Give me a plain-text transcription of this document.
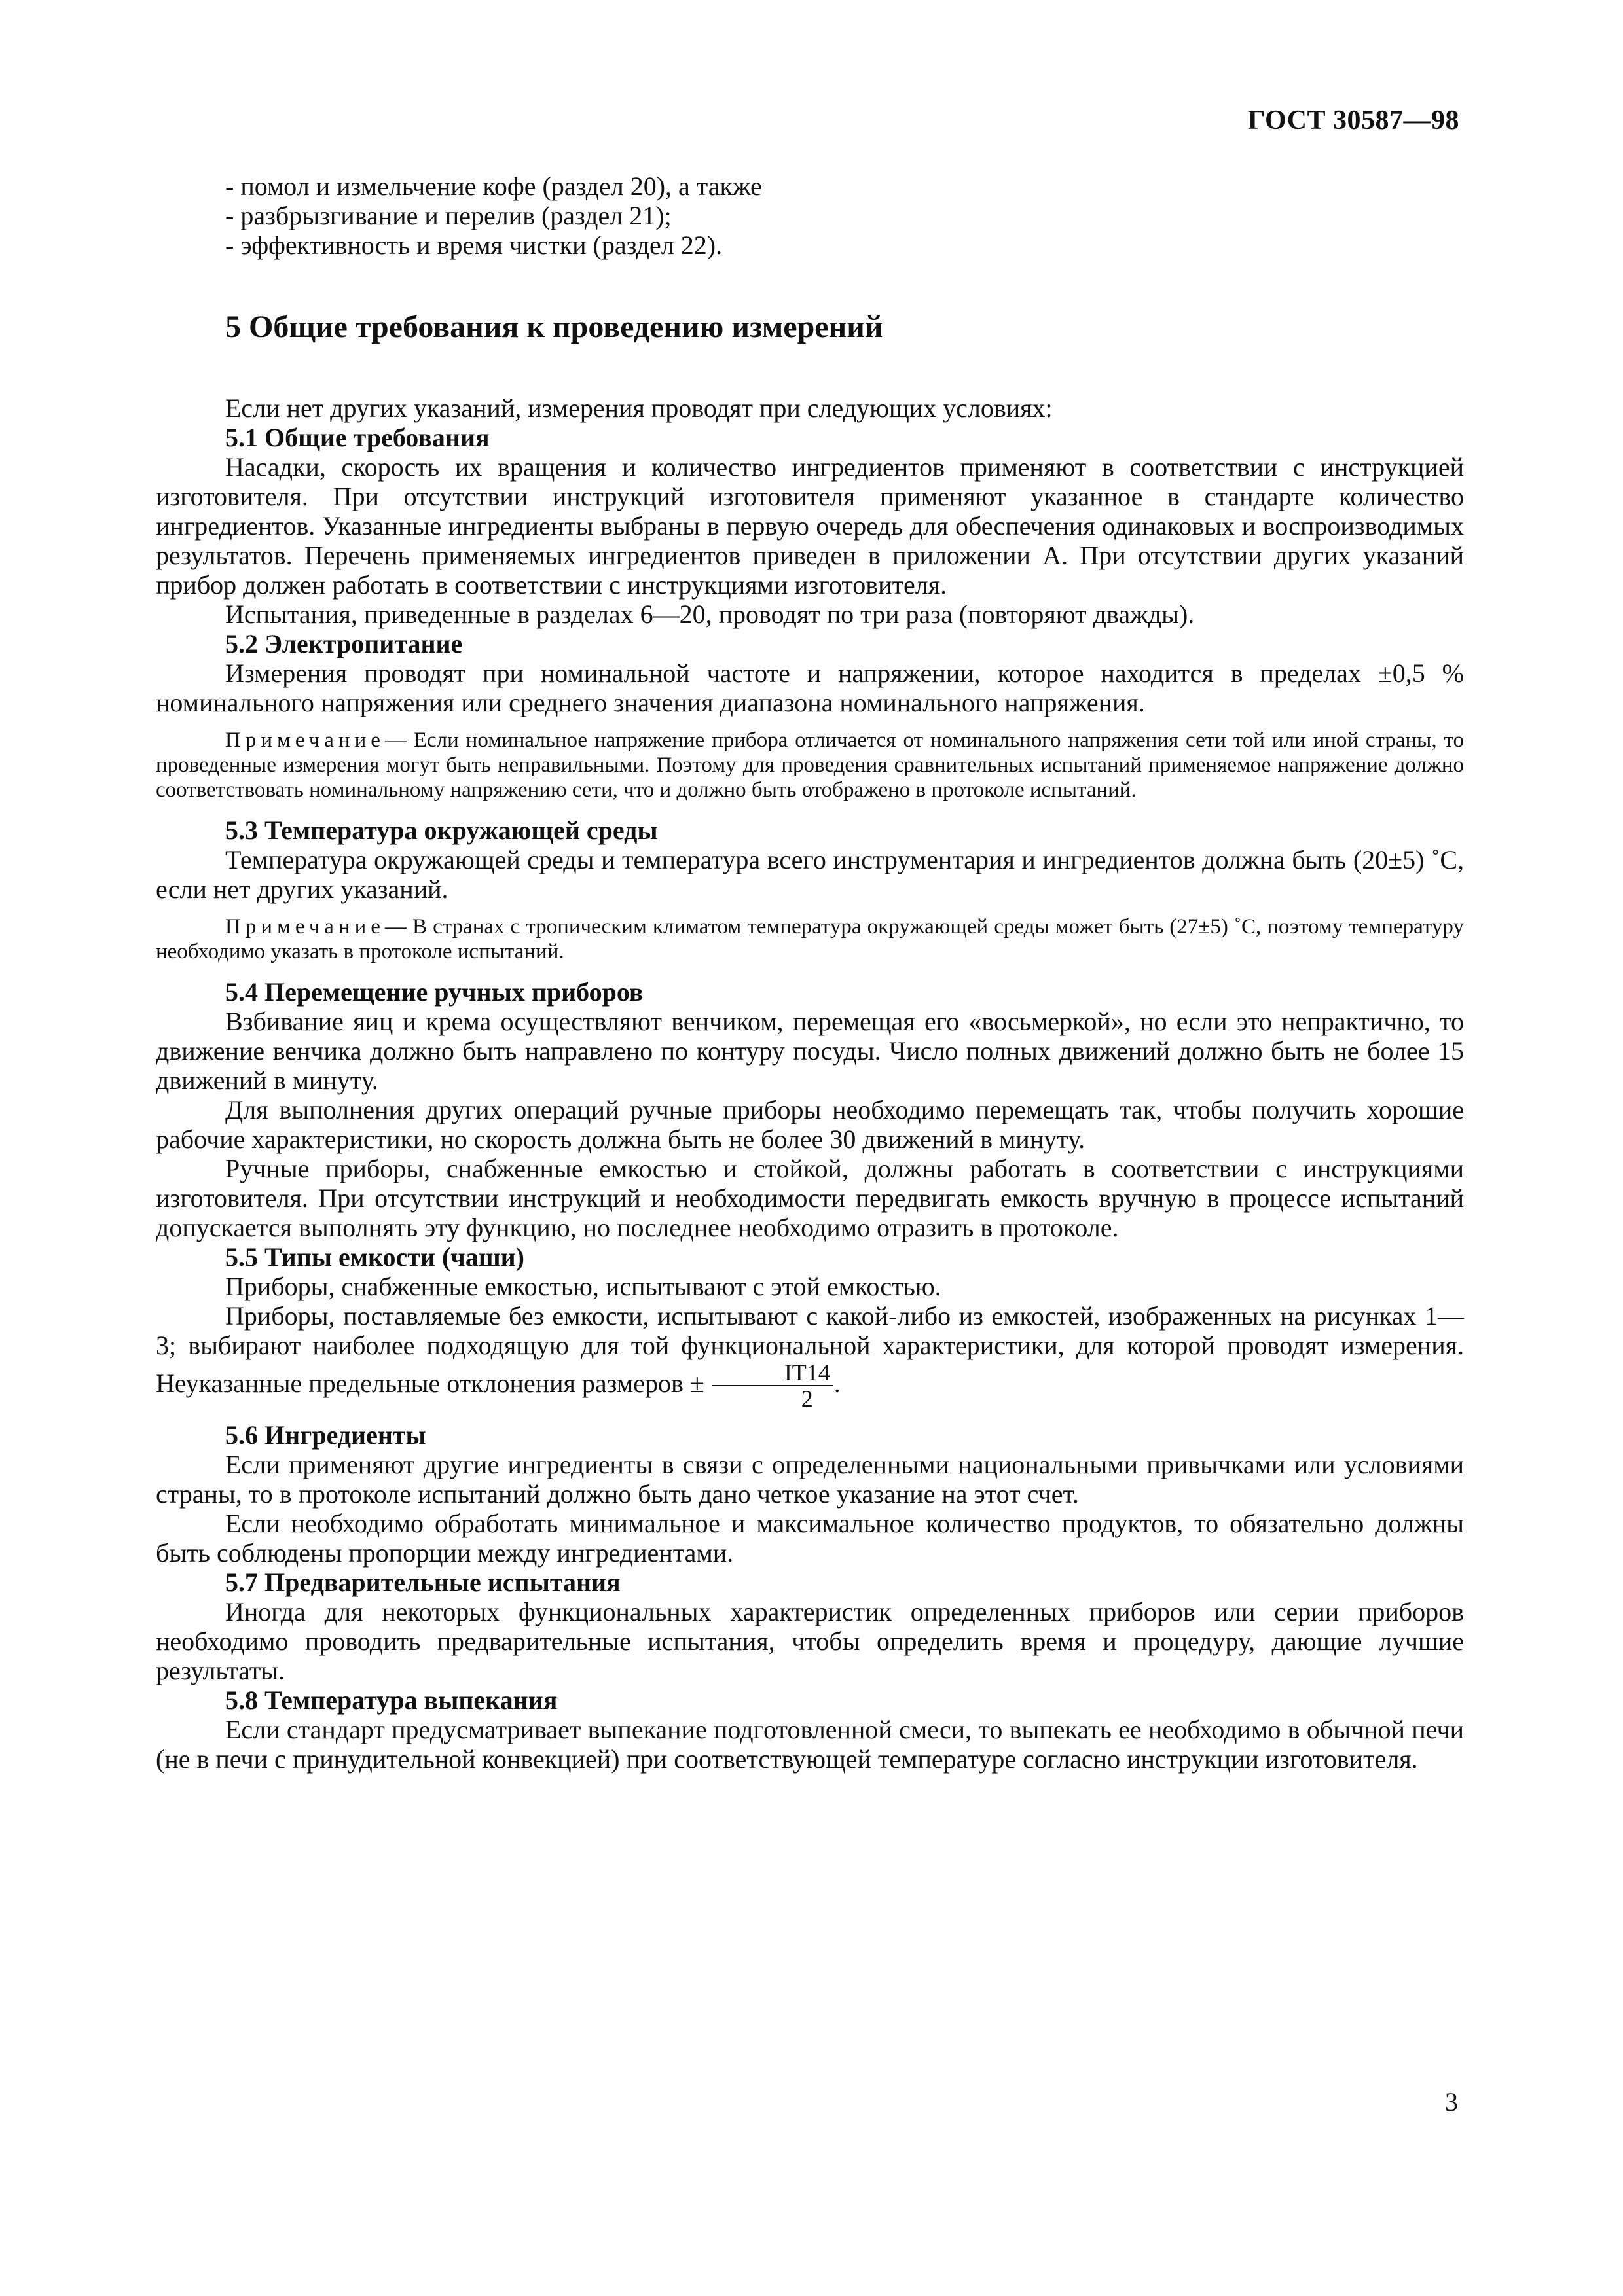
ГОСТ 30587—98

- помол и измельчение кофе (раздел 20), а также

- разбрызгивание и перелив (раздел 21);

- эффективность и время чистки (раздел 22).

5 Общие требования к проведению измерений

Если нет других указаний, измерения проводят при следующих условиях:

5.1 Общие требования

Насадки, скорость их вращения и количество ингредиентов применяют в соответствии с инструкцией изготовителя. При отсутствии инструкций изготовителя применяют указанное в стандарте количество ингредиентов. Указанные ингредиенты выбраны в первую очередь для обеспечения одинаковых и воспроизводимых результатов. Перечень применяемых ингредиентов приведен в приложении А. При отсутствии других указаний прибор должен работать в соответствии с инструкциями изготовителя.

Испытания, приведенные в разделах 6—20, проводят по три раза (повторяют дважды).

5.2 Электропитание

Измерения проводят при номинальной частоте и напряжении, которое находится в пределах ±0,5 % номинального напряжения или среднего значения диапазона номинального напряжения.

Примечание— Если номинальное напряжение прибора отличается от номинального напряжения сети той или иной страны, то проведенные измерения могут быть неправильными. Поэтому для проведения сравнительных испытаний применяемое напряжение должно соответствовать номинальному напряжению сети, что и должно быть отображено в протоколе испытаний.

5.3 Температура окружающей среды

Температура окружающей среды и температура всего инструментария и ингредиентов должна быть (20±5) ˚С, если нет других указаний.

Примечание— В странах с тропическим климатом температура окружающей среды может быть (27±5) ˚С, поэтому температуру необходимо указать в протоколе испытаний.

5.4 Перемещение ручных приборов

Взбивание яиц и крема осуществляют венчиком, перемещая его «восьмеркой», но если это непрактично, то движение венчика должно быть направлено по контуру посуды. Число полных движений должно быть не более 15 движений в минуту.

Для выполнения других операций ручные приборы необходимо перемещать так, чтобы получить хорошие рабочие характеристики, но скорость должна быть не более 30 движений в минуту.

Ручные приборы, снабженные емкостью и стойкой, должны работать в соответствии с инструкциями изготовителя. При отсутствии инструкций и необходимости передвигать емкость вручную в процессе испытаний допускается выполнять эту функцию, но последнее необходимо отразить в протоколе.

5.5 Типы емкости (чаши)

Приборы, снабженные емкостью, испытывают с этой емкостью.

Приборы, поставляемые без емкости, испытывают с какой-либо из емкостей, изображенных на рисунках 1—3; выбирают наиболее подходящую для той функциональной характеристики, для которой проводят измерения. Неуказанные предельные отклонения размеров ± $\frac{IT14}{2}$ .

5.6 Ингредиенты

Если применяют другие ингредиенты в связи с определенными национальными привычками или условиями страны, то в протоколе испытаний должно быть дано четкое указание на этот счет.

Если необходимо обработать минимальное и максимальное количество продуктов, то обязательно должны быть соблюдены пропорции между ингредиентами.

5.7 Предварительные испытания

Иногда для некоторых функциональных характеристик определенных приборов или серии приборов необходимо проводить предварительные испытания, чтобы определить время и процедуру, дающие лучшие результаты.

5.8 Температура выпекания

Если стандарт предусматривает выпекание подготовленной смеси, то выпекать ее необходимо в обычной печи (не в печи с принудительной конвекцией) при соответствующей температуре согласно инструкции изготовителя.

3
